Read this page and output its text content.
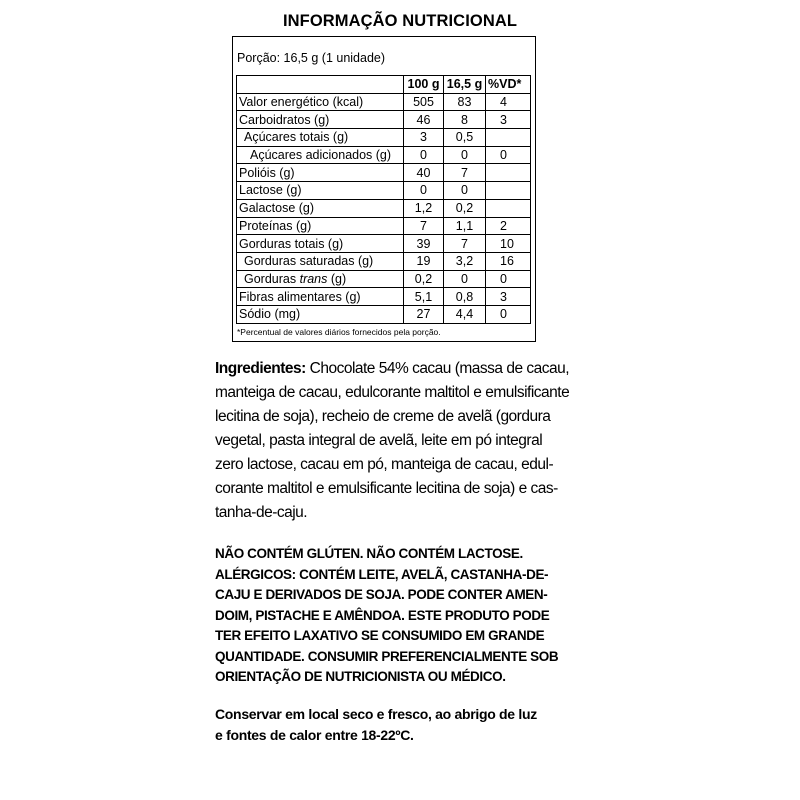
INFORMAÇÃO NUTRICIONAL
Porção: 16,5 g (1 unidade)
	100 g	16,5 g	%VD*
Valor energético (kcal)	505	83	4
Carboidratos (g)	46	8	3
Açúcares totais (g)	3	0,5	
Açúcares adicionados (g)	0	0	0
Polióis (g)	40	7	
Lactose (g)	0	0	
Galactose (g)	1,2	0,2	
Proteínas (g)	7	1,1	2
Gorduras totais (g)	39	7	10
Gorduras saturadas (g)	19	3,2	16
Gorduras trans (g)	0,2	0	0
Fibras alimentares (g)	5,1	0,8	3
Sódio (mg)	27	4,4	0
*Percentual de valores diários fornecidos pela porção.
Ingredientes: Chocolate 54% cacau (massa de cacau,
manteiga de cacau, edulcorante maltitol e emulsificante
lecitina de soja), recheio de creme de avelã (gordura
vegetal, pasta integral de avelã, leite em pó integral
zero lactose, cacau em pó, manteiga de cacau, edul-
corante maltitol e emulsificante lecitina de soja) e cas-
tanha-de-caju.
NÃO CONTÉM GLÚTEN. NÃO CONTÉM LACTOSE.
ALÉRGICOS: CONTÉM LEITE, AVELÃ, CASTANHA-DE-
CAJU E DERIVADOS DE SOJA. PODE CONTER AMEN-
DOIM, PISTACHE E AMÊNDOA. ESTE PRODUTO PODE
TER EFEITO LAXATIVO SE CONSUMIDO EM GRANDE
QUANTIDADE. CONSUMIR PREFERENCIALMENTE SOB
ORIENTAÇÃO DE NUTRICIONISTA OU MÉDICO.
Conservar em local seco e fresco, ao abrigo de luz
e fontes de calor entre 18-22ºC.
